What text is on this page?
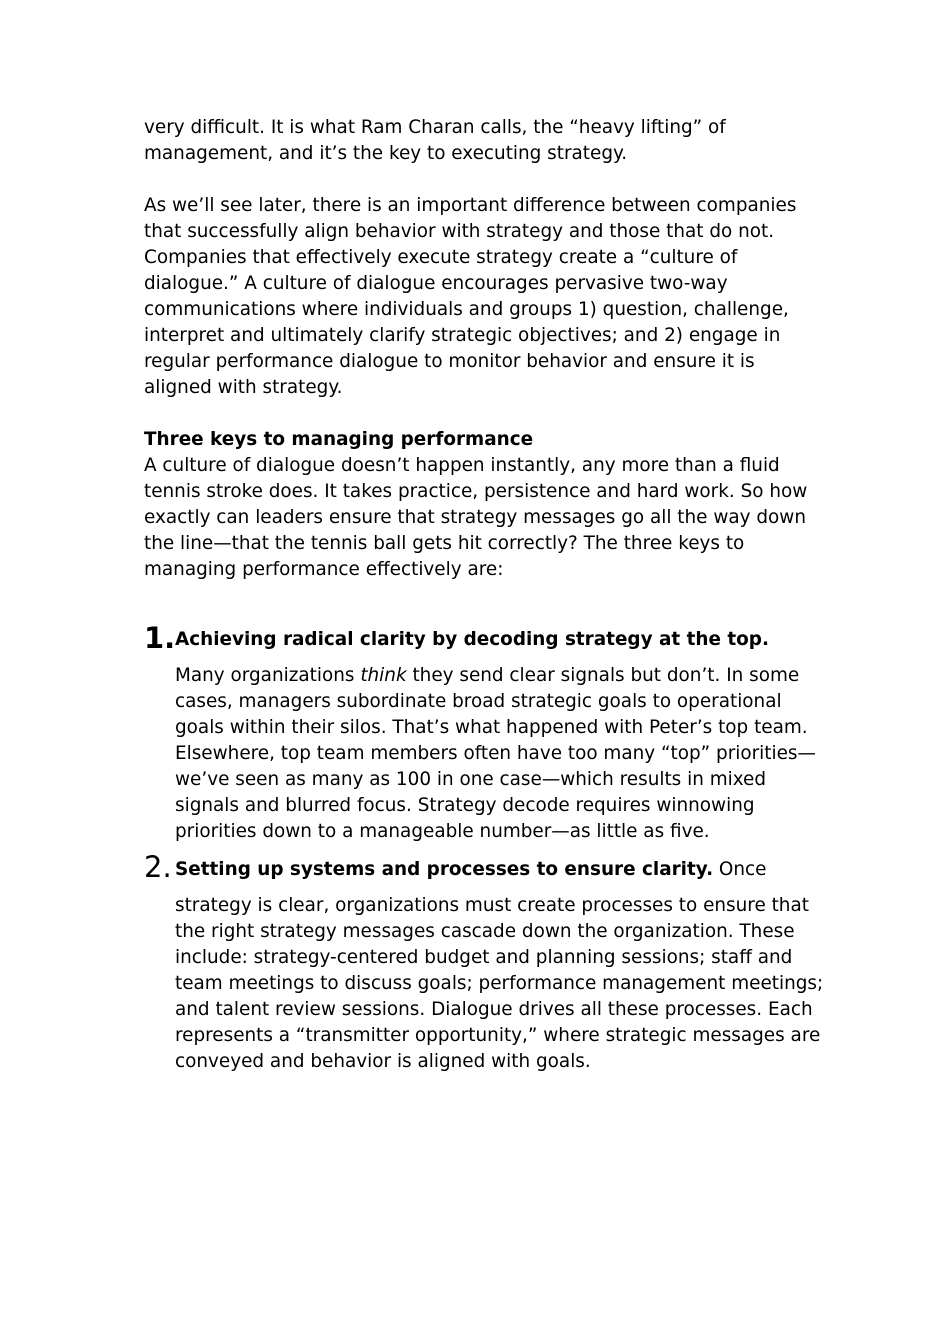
very difficult. It is what Ram Charan calls, the “heavy lifting” of management, and it’s the key to executing strategy.

As we’ll see later, there is an important difference between companies that successfully align behavior with strategy and those that do not. Companies that effectively execute strategy create a “culture of dialogue.” A culture of dialogue encourages pervasive two-way communications where individuals and groups 1) question, challenge, interpret and ultimately clarify strategic objectives; and 2) engage in regular performance dialogue to monitor behavior and ensure it is aligned with strategy.

Three keys to managing performance

A culture of dialogue doesn’t happen instantly, any more than a fluid tennis stroke does. It takes practice, persistence and hard work. So how exactly can leaders ensure that strategy messages go all the way down the line—that the tennis ball gets hit correctly? The three keys to managing performance effectively are:

1. Achieving radical clarity by decoding strategy at the top.

Many organizations think they send clear signals but don’t. In some cases, managers subordinate broad strategic goals to operational goals within their silos. That’s what happened with Peter’s top team. Elsewhere, top team members often have too many “top” priorities—we’ve seen as many as 100 in one case—which results in mixed signals and blurred focus. Strategy decode requires winnowing priorities down to a manageable number—as little as five.

2. Setting up systems and processes to ensure clarity. Once

strategy is clear, organizations must create processes to ensure that the right strategy messages cascade down the organization. These include: strategy-centered budget and planning sessions; staff and team meetings to discuss goals; performance management meetings; and talent review sessions. Dialogue drives all these processes. Each represents a “transmitter opportunity,” where strategic messages are conveyed and behavior is aligned with goals.
